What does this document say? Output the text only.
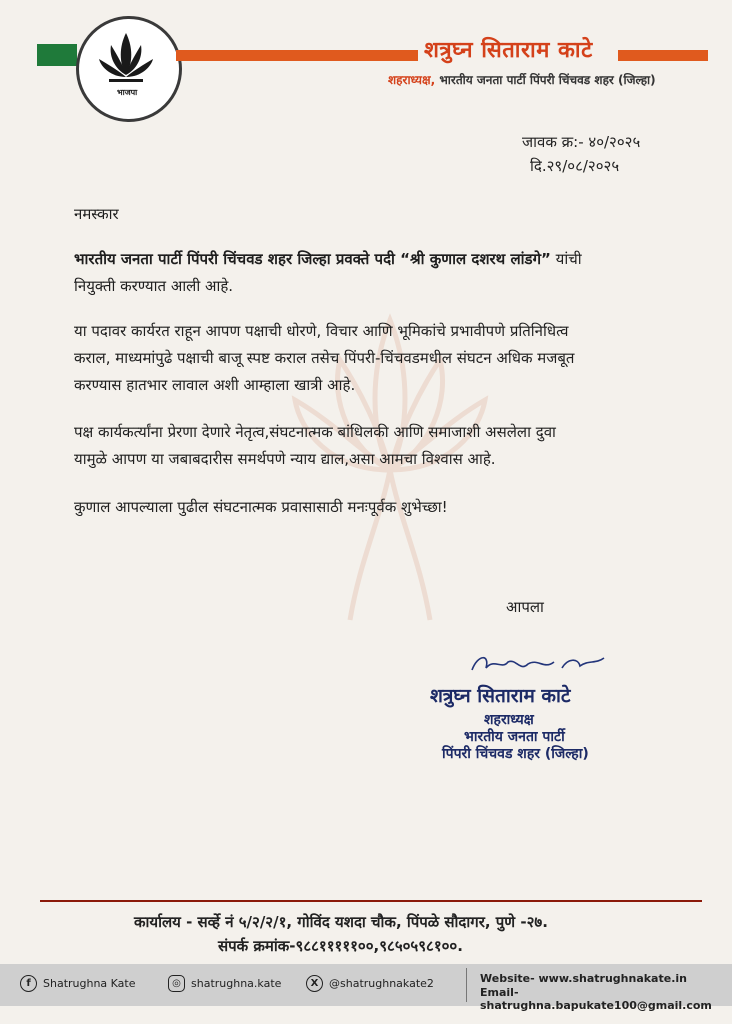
भाजपा
शत्रुघ्न सिताराम काटे
शहराध्यक्ष, भारतीय जनता पार्टी पिंपरी चिंचवड शहर (जिल्हा)
जावक क्र:- ४०/२०२५
दि.२९/०८/२०२५
नमस्कार
भारतीय जनता पार्टी पिंपरी चिंचवड शहर जिल्हा प्रवक्ते पदी “श्री कुणाल दशरथ लांडगे” यांची
नियुक्ती करण्यात आली आहे.
या पदावर कार्यरत राहून आपण पक्षाची धोरणे, विचार आणि भूमिकांचे प्रभावीपणे प्रतिनिधित्व
कराल, माध्यमांपुढे पक्षाची बाजू स्पष्ट कराल तसेच पिंपरी-चिंचवडमधील संघटन अधिक मजबूत
करण्यास हातभार लावाल अशी आम्हाला खात्री आहे.
पक्ष कार्यकर्त्यांना प्रेरणा देणारे नेतृत्व,संघटनात्मक बांधिलकी आणि समाजाशी असलेला दुवा
यामुळे आपण या जबाबदारीस समर्थपणे न्याय द्याल,असा आमचा विश्वास आहे.
कुणाल आपल्याला पुढील संघटनात्मक प्रवासासाठी मनःपूर्वक शुभेच्छा!
आपला
शत्रुघ्न सिताराम काटे
शहराध्यक्ष
भारतीय जनता पार्टी
पिंपरी चिंचवड शहर (जिल्हा)
कार्यालय - सर्व्हे नं ५/२/२/१, गोविंद यशदा चौक, पिंपळे सौदागर, पुणे -२७.
संपर्क क्रमांक-९८८१११११००,९८५०५९८१००.
f	Shatrughna Kate	◎ shatrughna.kate	X @shatrughnakate2	Website- www.shatrughnakate.in
Email- shatrughna.bapukate100@gmail.com
